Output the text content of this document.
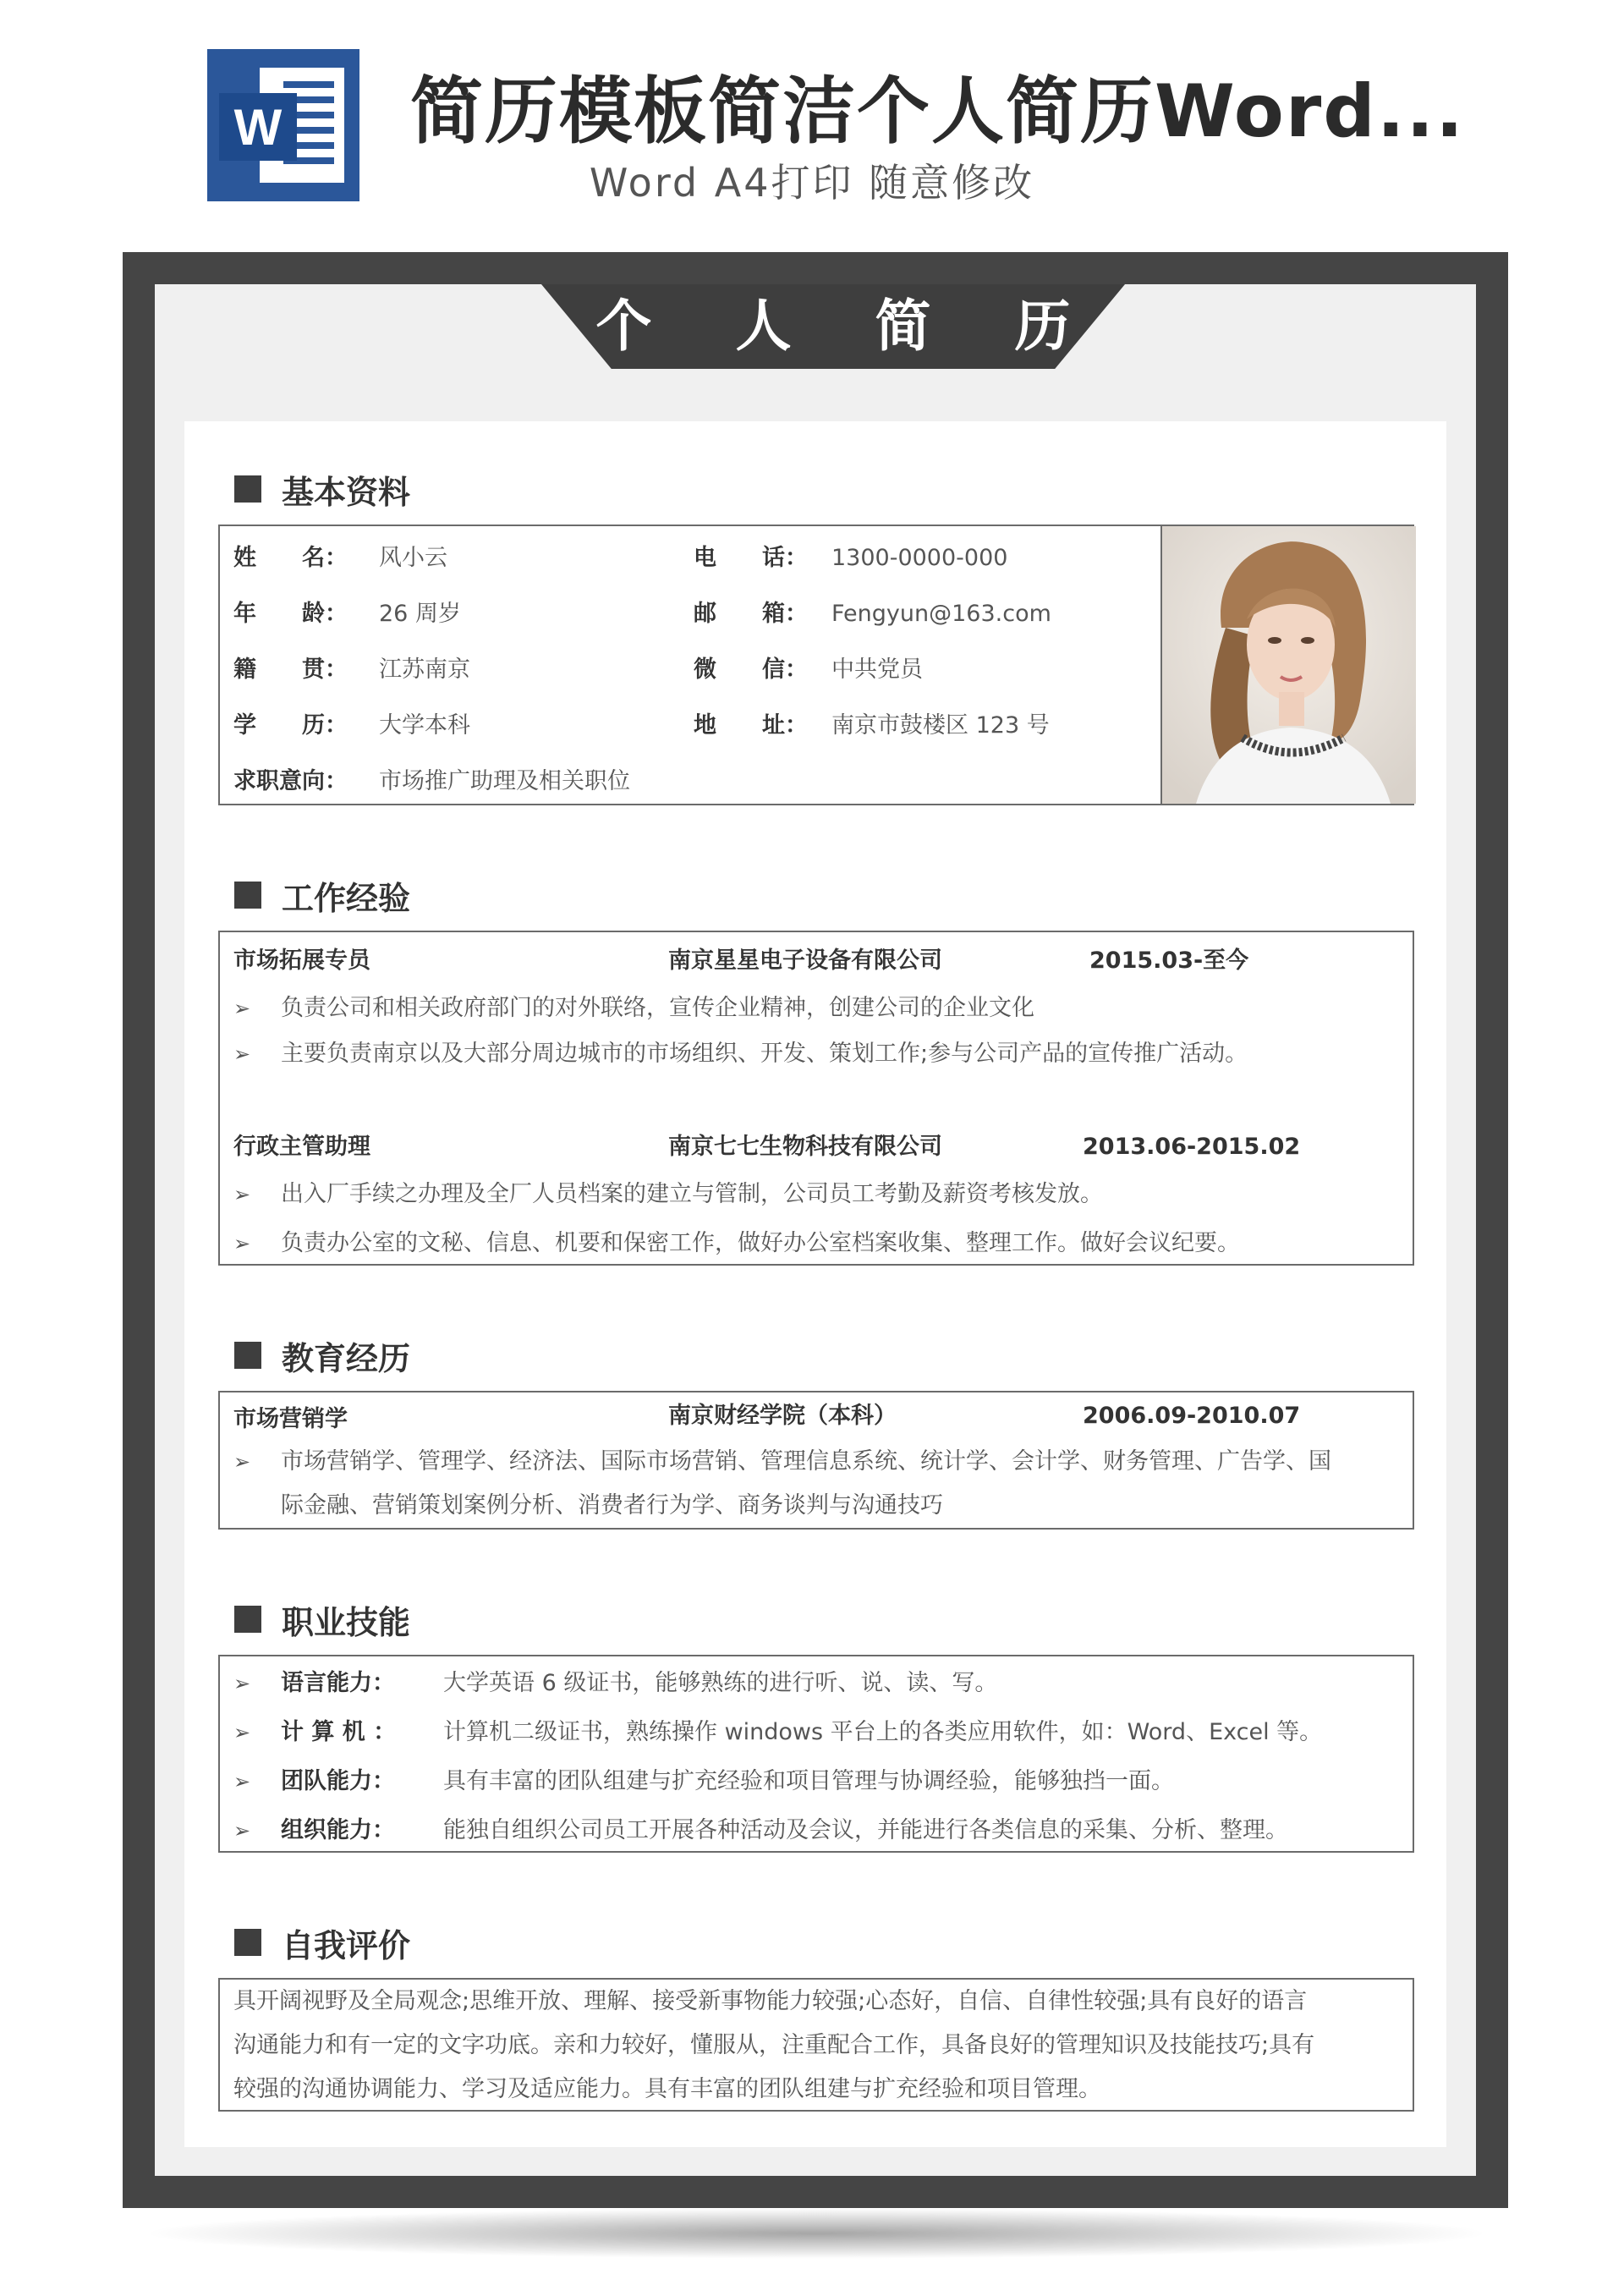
W 简历模板简洁个人简历Word...
Word A4打印 随意修改
个 人 简 历
基本资料
姓　　名： 风小云	电　　话： 1300-0000-000
年　　龄： 26 周岁	邮　　箱： Fengyun@163.com
籍　　贯： 江苏南京	微　　信： 中共党员
学　　历： 大学本科	地　　址： 南京市鼓楼区 123 号
求职意向： 市场推广助理及相关职位
工作经验
市场拓展专员	南京星星电子设备有限公司	2015.03-至今
➢ 负责公司和相关政府部门的对外联络，宣传企业精神，创建公司的企业文化
➢ 主要负责南京以及大部分周边城市的市场组织、开发、策划工作;参与公司产品的宣传推广活动。
行政主管助理	南京七七生物科技有限公司	2013.06-2015.02
➢ 出入厂手续之办理及全厂人员档案的建立与管制，公司员工考勤及薪资考核发放。
➢ 负责办公室的文秘、信息、机要和保密工作，做好办公室档案收集、整理工作。做好会议纪要。
教育经历
市场营销学	南京财经学院（本科）	2006.09-2010.07
➢ 市场营销学、管理学、经济法、国际市场营销、管理信息系统、统计学、会计学、财务管理、广告学、国
际金融、营销策划案例分析、消费者行为学、商务谈判与沟通技巧
职业技能
➢ 语言能力： 大学英语 6 级证书，能够熟练的进行听、说、读、写。
➢ 计 算 机 ： 计算机二级证书，熟练操作 windows 平台上的各类应用软件，如：Word、Excel 等。
➢ 团队能力： 具有丰富的团队组建与扩充经验和项目管理与协调经验，能够独挡一面。
➢ 组织能力： 能独自组织公司员工开展各种活动及会议，并能进行各类信息的采集、分析、整理。
自我评价
具开阔视野及全局观念;思维开放、理解、接受新事物能力较强;心态好，自信、自律性较强;具有良好的语言
沟通能力和有一定的文字功底。亲和力较好，懂服从，注重配合工作，具备良好的管理知识及技能技巧;具有
较强的沟通协调能力、学习及适应能力。具有丰富的团队组建与扩充经验和项目管理。
